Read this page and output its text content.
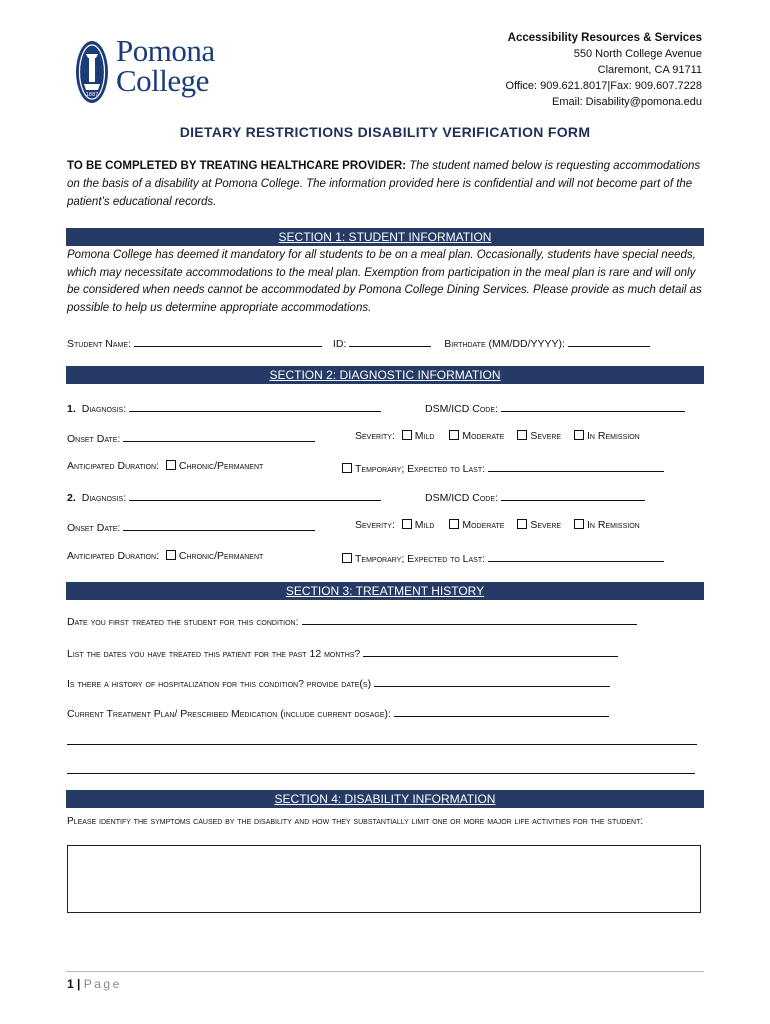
1887
Pomona
College
Accessibility Resources & Services
550 North College Avenue
Claremont, CA 91711
Office: 909.621.8017|Fax: 909.607.7228
Email: Disability@pomona.edu
DIETARY RESTRICTIONS DISABILITY VERIFICATION FORM
TO BE COMPLETED BY TREATING HEALTHCARE PROVIDER: The student named below is requesting accommodations on the basis of a disability at Pomona College. The information provided here is confidential and will not become part of the patient’s educational records.
SECTION 1: STUDENT INFORMATION
Pomona College has deemed it mandatory for all students to be on a meal plan. Occasionally, students have special needs, which may necessitate accommodations to the meal plan. Exemption from participation in the meal plan is rare and will only be considered when needs cannot be accommodated by Pomona College Dining Services. Please provide as much detail as possible to help us determine appropriate accommodations.
Student Name:	ID:	Birthdate (MM/DD/YYYY):
SECTION 2: DIAGNOSTIC INFORMATION
1. Diagnosis:	DSM/ICD Code:
Onset Date:	Severity: Mild	Moderate Severe In Remission
Anticipated Duration: Chronic/Permanent	Temporary; Expected to Last:
2. Diagnosis:	DSM/ICD Code:
Onset Date:	Severity: Mild	Moderate Severe In Remission
Anticipated Duration: Chronic/Permanent	Temporary; Expected to Last:
SECTION 3: TREATMENT HISTORY
Date you first treated the student for this condition:
List the dates you have treated this patient for the past 12 months?
Is there a history of hospitalization for this condition? provide date(s)
Current Treatment Plan/ Prescribed Medication (include current dosage):
SECTION 4: DISABILITY INFORMATION
Please identify the symptoms caused by the disability and how they substantially limit one or more major life activities for the student:
1 | Page
